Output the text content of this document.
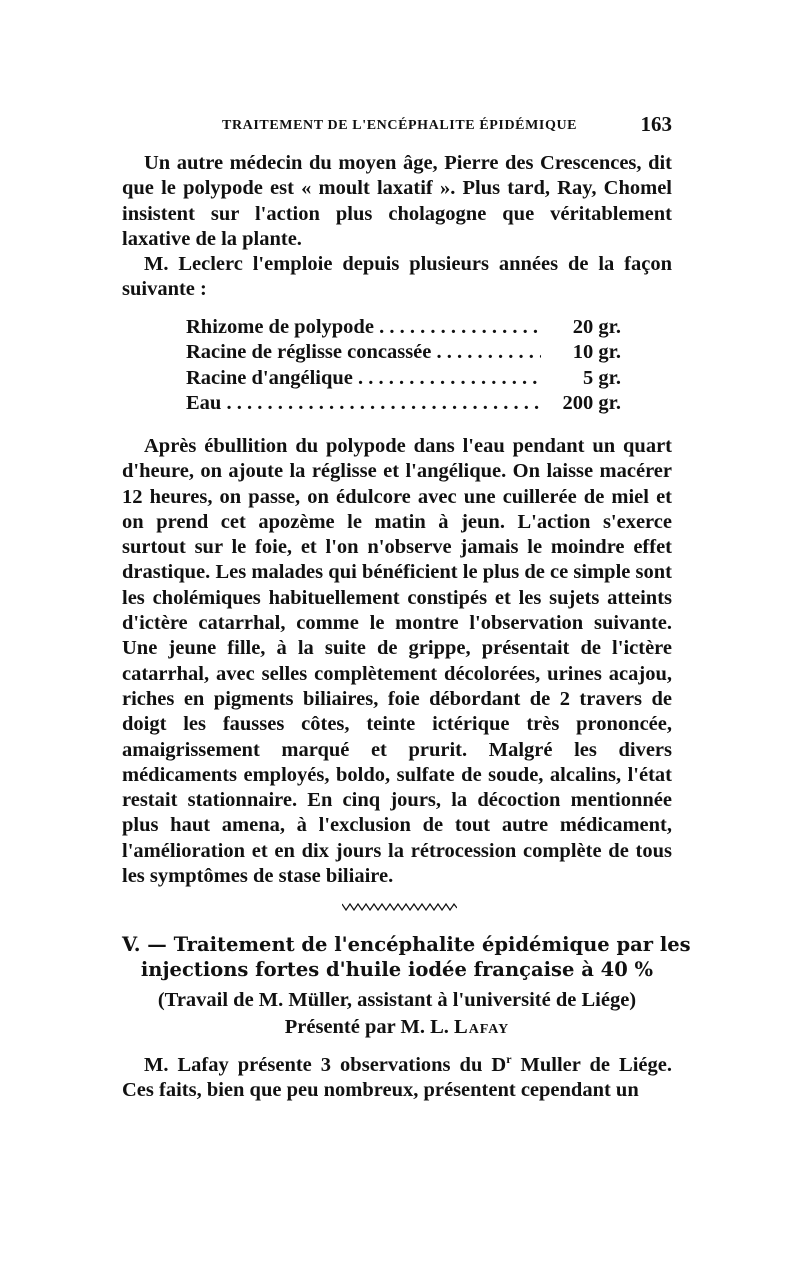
TRAITEMENT DE L'ENCÉPHALITE ÉPIDÉMIQUE	163

Un autre médecin du moyen âge, Pierre des Crescences, dit que le polypode est « moult laxatif ». Plus tard, Ray, Chomel insistent sur l'action plus cholagogne que véritablement laxative de la plante.

M. Leclerc l'emploie depuis plusieurs années de la façon suivante :

Rhizome de polypode . . .	20 gr.
Racine de réglisse concassée . . .	10 gr.
Racine d'angélique . . .	5 gr.
Eau . . .	200 gr.

Après ébullition du polypode dans l'eau pendant un quart d'heure, on ajoute la réglisse et l'angélique. On laisse macérer 12 heures, on passe, on édulcore avec une cuillerée de miel et on prend cet apozème le matin à jeun. L'action s'exerce surtout sur le foie, et l'on n'observe jamais le moindre effet drastique. Les malades qui bénéficient le plus de ce simple sont les cholémiques habituellement constipés et les sujets atteints d'ictère catarrhal, comme le montre l'observation suivante. Une jeune fille, à la suite de grippe, présentait de l'ictère catarrhal, avec selles complètement décolorées, urines acajou, riches en pigments biliaires, foie débordant de 2 travers de doigt les fausses côtes, teinte ictérique très prononcée, amaigrissement marqué et prurit. Malgré les divers médicaments employés, boldo, sulfate de soude, alcalins, l'état restait stationnaire. En cinq jours, la décoction mentionnée plus haut amena, à l'exclusion de tout autre médicament, l'amélioration et en dix jours la rétrocession complète de tous les symptômes de stase biliaire.

V. — Traitement de l'encéphalite épidémique par les
injections fortes d'huile iodée française à 40 %
(Travail de M. Müller, assistant à l'université de Liége)
Présenté par M. L. Lafay

M. Lafay présente 3 observations du $D^r$ Muller de Liége. Ces faits, bien que peu nombreux, présentent cependant un
